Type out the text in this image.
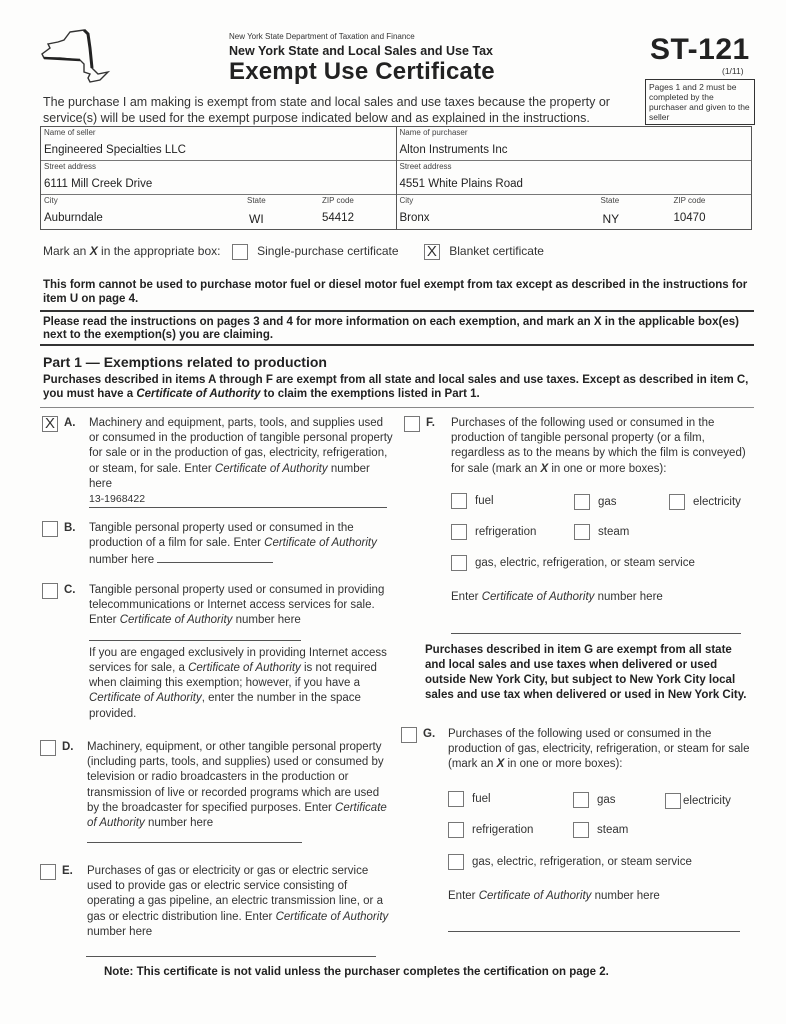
New York State Department of Taxation and Finance
New York State and Local Sales and Use Tax
Exempt Use Certificate
ST-121
(1/11)
Pages 1 and 2 must be completed by the purchaser and given to the seller
The purchase I am making is exempt from state and local sales and use taxes because the property or service(s) will be used for the exempt purpose indicated below and as explained in the instructions.
Name of seller
Engineered Specialties LLC
Street address
6111 Mill Creek Drive
City
Auburndale
State
WI
ZIP code
54412
Name of purchaser
Alton Instruments Inc
Street address
4551 White Plains Road
City
Bronx
State
NY
ZIP code
10470
Mark an X in the appropriate box:	Single-purchase certificate X Blanket certificate
This form cannot be used to purchase motor fuel or diesel motor fuel exempt from tax except as described in the instructions for item U on page 4.
Please read the instructions on pages 3 and 4 for more information on each exemption, and mark an X in the applicable box(es) next to the exemption(s) you are claiming.
Part 1 — Exemptions related to production
Purchases described in items A through F are exempt from all state and local sales and use taxes. Except as described in item C, you must have a Certificate of Authority to claim the exemptions listed in Part 1.
X A. Machinery and equipment, parts, tools, and supplies used or consumed in the production of tangible personal property for sale or in the production of gas, electricity, refrigeration, or steam, for sale. Enter Certificate of Authority number here
13-1968422
B. Tangible personal property used or consumed in the production of a film for sale. Enter Certificate of Authority number here
C. Tangible personal property used or consumed in providing telecommunications or Internet access services for sale. Enter Certificate of Authority number here
If you are engaged exclusively in providing Internet access services for sale, a Certificate of Authority is not required when claiming this exemption; however, if you have a Certificate of Authority, enter the number in the space provided.
D. Machinery, equipment, or other tangible personal property (including parts, tools, and supplies) used or consumed by television or radio broadcasters in the production or transmission of live or recorded programs which are used by the broadcaster for specified purposes. Enter Certificate of Authority number here
E. Purchases of gas or electricity or gas or electric service used to provide gas or electric service consisting of operating a gas pipeline, an electric transmission line, or a gas or electric distribution line. Enter Certificate of Authority number here
F. Purchases of the following used or consumed in the production of tangible personal property (or a film, regardless as to the means by which the film is conveyed) for sale (mark an X in one or more boxes):
fuel	gas	electricity
refrigeration	steam
gas, electric, refrigeration, or steam service
Enter Certificate of Authority number here
Purchases described in item G are exempt from all state and local sales and use taxes when delivered or used outside New York City, but subject to New York City local sales and use tax when delivered or used in New York City.
G. Purchases of the following used or consumed in the production of gas, electricity, refrigeration, or steam for sale (mark an X in one or more boxes):
fuel	gas	electricity
refrigeration	steam
gas, electric, refrigeration, or steam service
Enter Certificate of Authority number here
Note: This certificate is not valid unless the purchaser completes the certification on page 2.
